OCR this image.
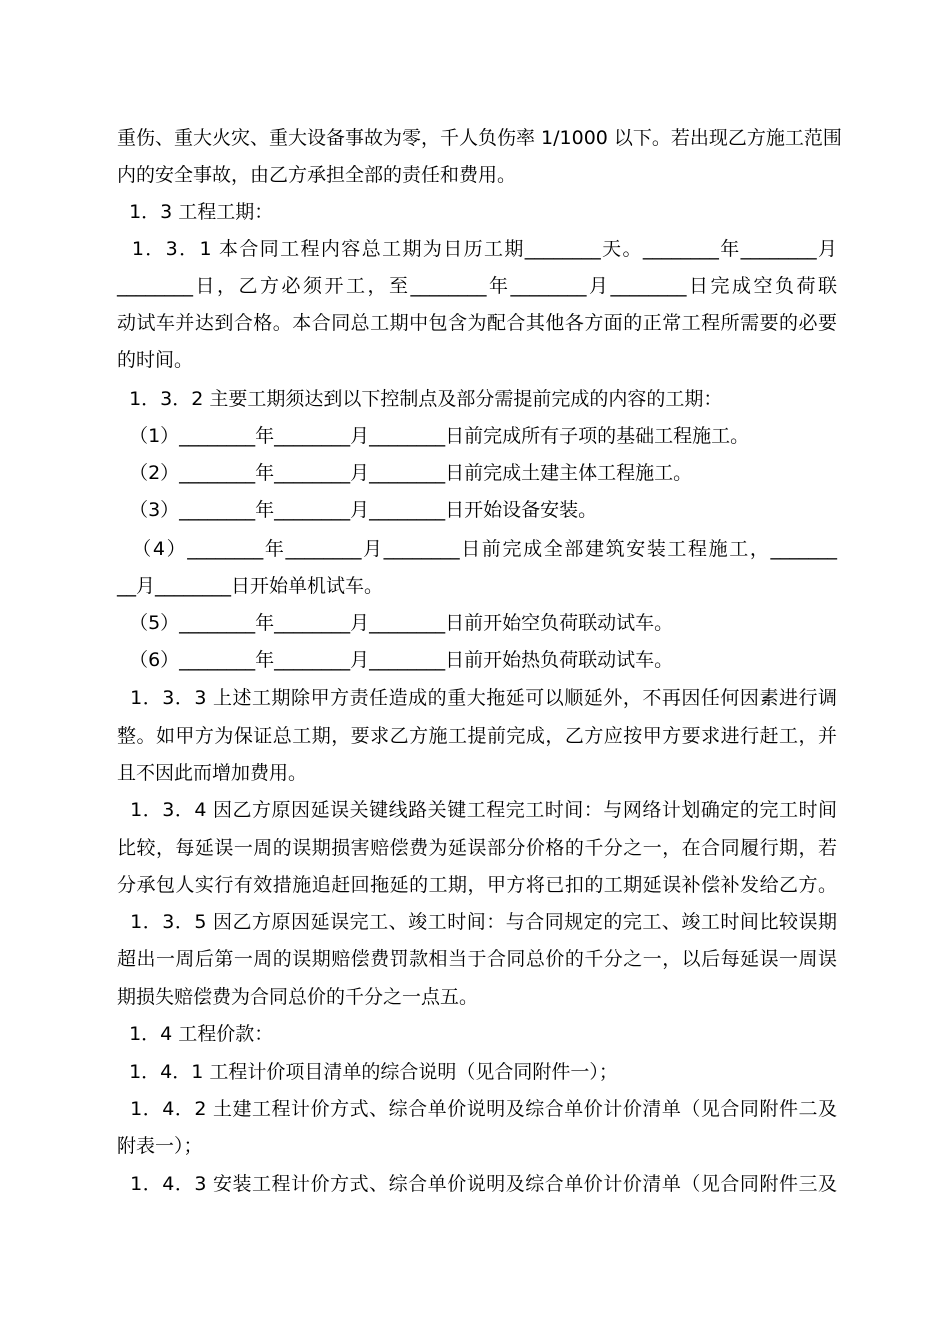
重伤、重大火灾、重大设备事故为零，千人负伤率 1/1000 以下。若出现乙方施工范围
内的安全事故，由乙方承担全部的责任和费用。
1．3 工程工期：
1．3．1 本合同工程内容总工期为日历工期________天。________年________月
________日，乙方必须开工，至________年________月________日完成空负荷联
动试车并达到合格。本合同总工期中包含为配合其他各方面的正常工程所需要的必要
的时间。
1．3．2 主要工期须达到以下控制点及部分需提前完成的内容的工期：
（1）________年________月________日前完成所有子项的基础工程施工。
（2）________年________月________日前完成土建主体工程施工。
（3）________年________月________日开始设备安装。
（4）________年________月________日前完成全部建筑安装工程施工，_______
__月________日开始单机试车。
（5）________年________月________日前开始空负荷联动试车。
（6）________年________月________日前开始热负荷联动试车。
1．3．3 上述工期除甲方责任造成的重大拖延可以顺延外，不再因任何因素进行调
整。如甲方为保证总工期，要求乙方施工提前完成，乙方应按甲方要求进行赶工，并
且不因此而增加费用。
1．3．4 因乙方原因延误关键线路关键工程完工时间：与网络计划确定的完工时间
比较，每延误一周的误期损害赔偿费为延误部分价格的千分之一，在合同履行期，若
分承包人实行有效措施追赶回拖延的工期，甲方将已扣的工期延误补偿补发给乙方。
1．3．5 因乙方原因延误完工、竣工时间：与合同规定的完工、竣工时间比较误期
超出一周后第一周的误期赔偿费罚款相当于合同总价的千分之一，以后每延误一周误
期损失赔偿费为合同总价的千分之一点五。
1．4 工程价款：
1．4．1 工程计价项目清单的综合说明（见合同附件一）；
1．4．2 土建工程计价方式、综合单价说明及综合单价计价清单（见合同附件二及
附表一）；
1．4．3 安装工程计价方式、综合单价说明及综合单价计价清单（见合同附件三及
